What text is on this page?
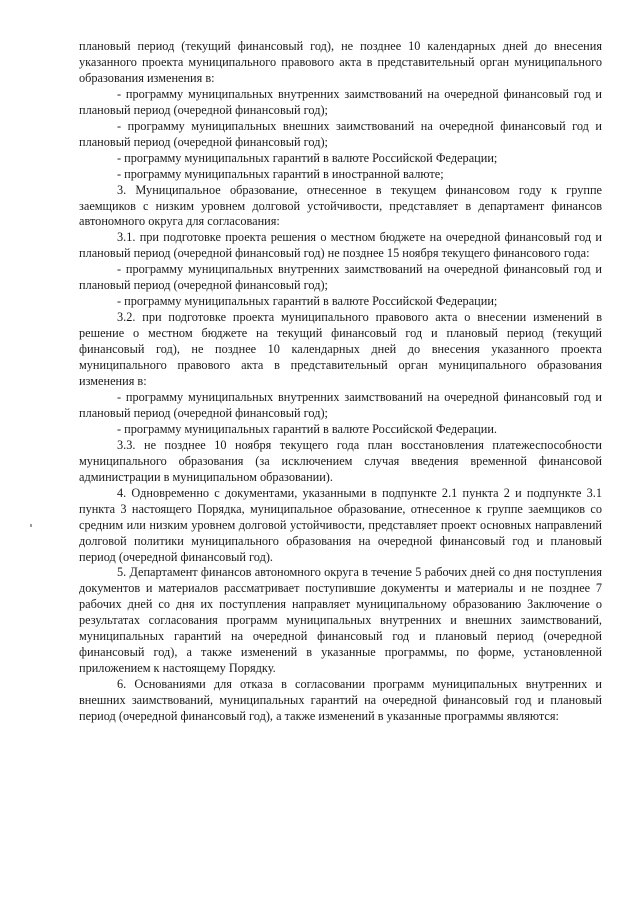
плановый период (текущий финансовый год), не позднее 10 календарных дней до внесения указанного проекта муниципального правового акта в представительный орган муниципального образования изменения в:

- программу муниципальных внутренних заимствований на очередной финансовый год и плановый период (очередной финансовый год);

- программу муниципальных внешних заимствований на очередной финансовый год и плановый период (очередной финансовый год);

- программу муниципальных гарантий в валюте Российской Федерации;

- программу муниципальных гарантий в иностранной валюте;

3. Муниципальное образование, отнесенное в текущем финансовом году к группе заемщиков с низким уровнем долговой устойчивости, представляет в департамент финансов автономного округа для согласования:

3.1. при подготовке проекта решения о местном бюджете на очередной финансовый год и плановый период (очередной финансовый год) не позднее 15 ноября текущего финансового года:

- программу муниципальных внутренних заимствований на очередной финансовый год и плановый период (очередной финансовый год);

- программу муниципальных гарантий в валюте Российской Федерации;

3.2. при подготовке проекта муниципального правового акта о внесении изменений в решение о местном бюджете на текущий финансовый год и плановый период (текущий финансовый год), не позднее 10 календарных дней до внесения указанного проекта муниципального правового акта в представительный орган муниципального образования изменения в:

- программу муниципальных внутренних заимствований на очередной финансовый год и плановый период (очередной финансовый год);

- программу муниципальных гарантий в валюте Российской Федерации.

3.3. не позднее 10 ноября текущего года план восстановления платежеспособности муниципального образования (за исключением случая введения временной финансовой администрации в муниципальном образовании).

4. Одновременно с документами, указанными в подпункте 2.1 пункта 2 и подпункте 3.1 пункта 3 настоящего Порядка, муниципальное образование, отнесенное к группе заемщиков со средним или низким уровнем долговой устойчивости, представляет проект основных направлений долговой политики муниципального образования на очередной финансовый год и плановый период (очередной финансовый год).

5. Департамент финансов автономного округа в течение 5 рабочих дней со дня поступления документов и материалов рассматривает поступившие документы и материалы и не позднее 7 рабочих дней со дня их поступления направляет муниципальному образованию Заключение о результатах согласования программ муниципальных внутренних и внешних заимствований, муниципальных гарантий на очередной финансовый год и плановый период (очередной финансовый год), а также изменений в указанные программы, по форме, установленной приложением к настоящему Порядку.

6. Основаниями для отказа в согласовании программ муниципальных внутренних и внешних заимствований, муниципальных гарантий на очередной финансовый год и плановый период (очередной финансовый год), а также изменений в указанные программы являются:
